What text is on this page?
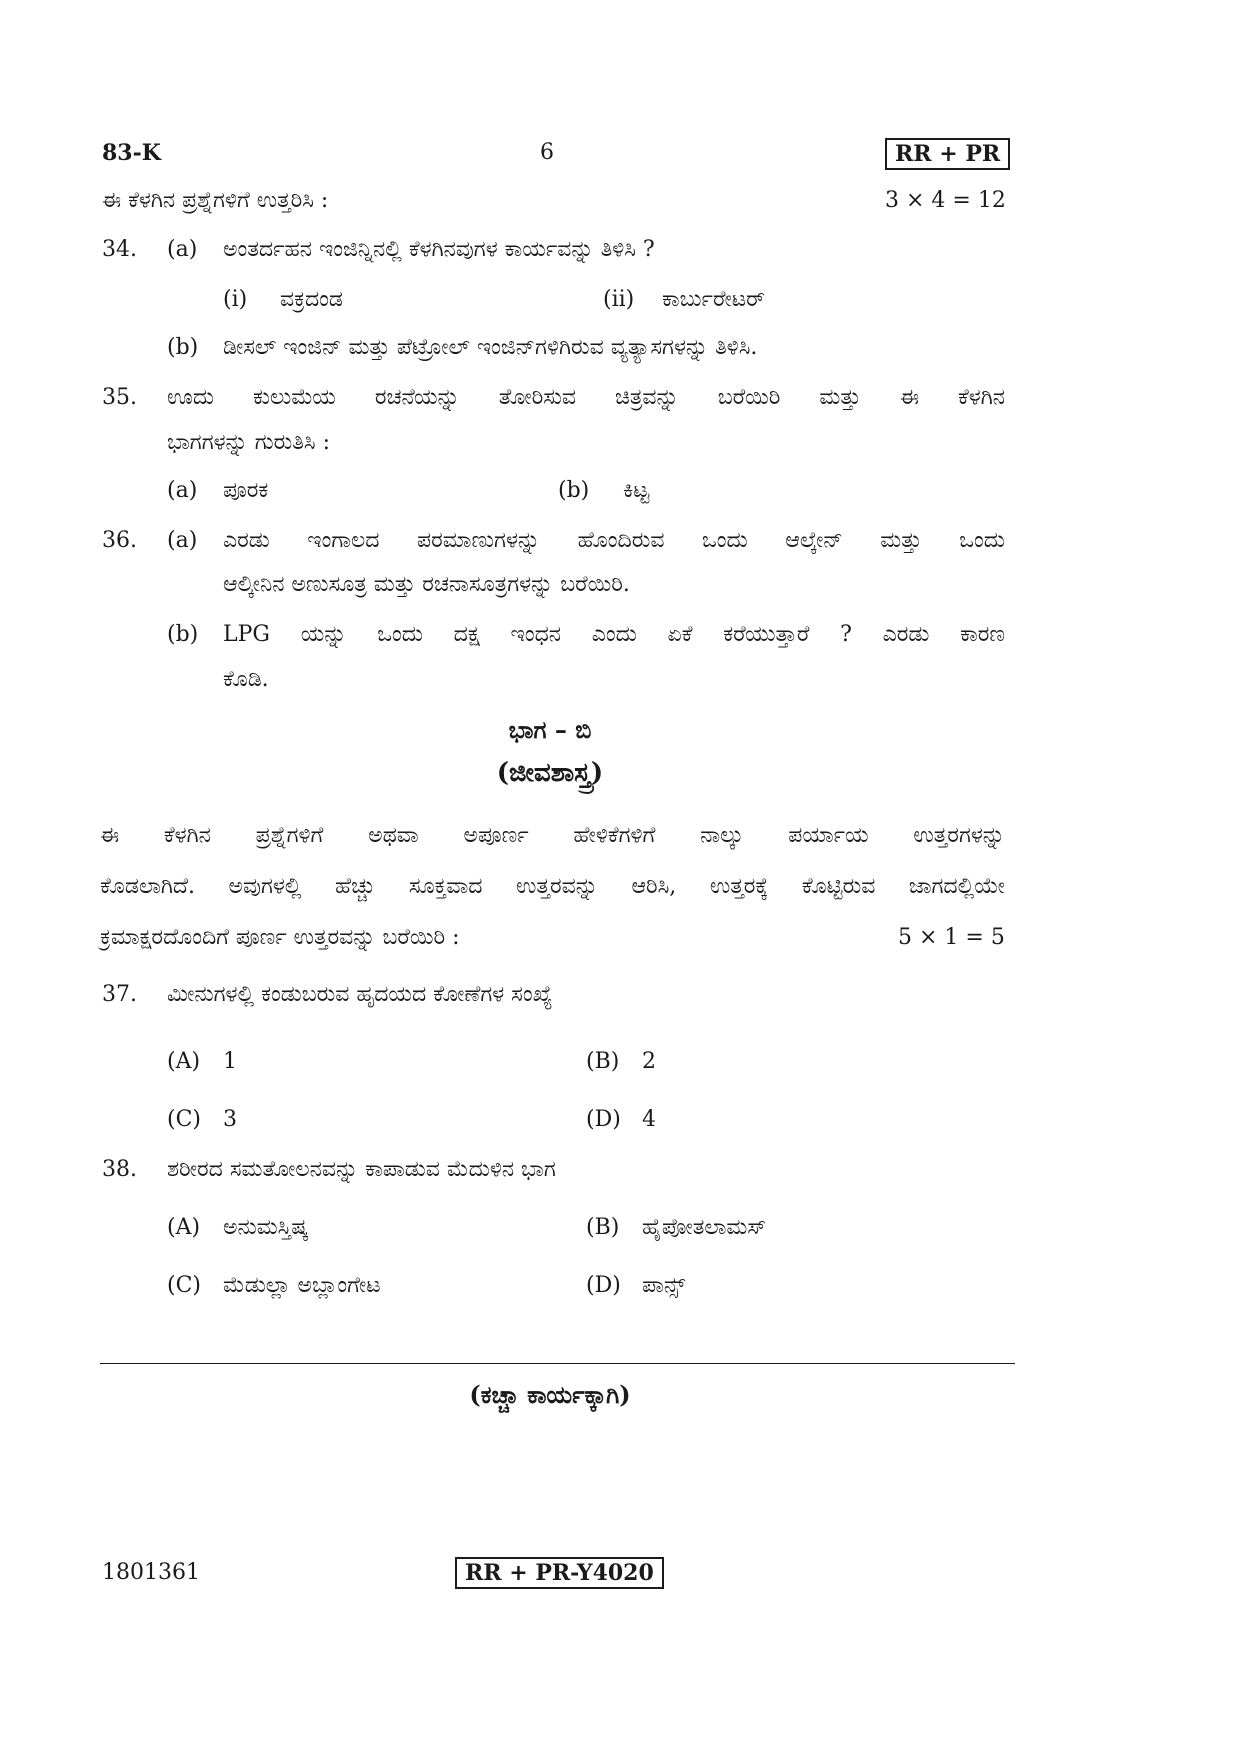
83-K	6	RR + PR
ಈ ಕೆಳಗಿನ ಪ್ರಶ್ನೆಗಳಿಗೆ ಉತ್ತರಿಸಿ :	3 × 4 = 12
34. (a) ಅಂತರ್ದಹನ ಇಂಜಿನ್ನಿನಲ್ಲಿ ಕೆಳಗಿನವುಗಳ ಕಾರ್ಯವನ್ನು ತಿಳಿಸಿ ?
(i) ವಕ್ರದಂಡ	(ii) ಕಾರ್ಬುರೇಟರ್
(b) ಡೀಸಲ್ ಇಂಜಿನ್ ಮತ್ತು ಪೆಟ್ರೋಲ್ ಇಂಜಿನ್‌ಗಳಿಗಿರುವ ವ್ಯತ್ಯಾಸಗಳನ್ನು ತಿಳಿಸಿ.
35. ಊದು ಕುಲುಮೆಯ ರಚನೆಯನ್ನು ತೋರಿಸುವ ಚಿತ್ರವನ್ನು ಬರೆಯಿರಿ ಮತ್ತು ಈ ಕೆಳಗಿನ
ಭಾಗಗಳನ್ನು ಗುರುತಿಸಿ :
(a) ಪೂರಕ	(b) ಕಿಟ್ಟ
36. (a) ಎರಡು ಇಂಗಾಲದ ಪರಮಾಣುಗಳನ್ನು ಹೊಂದಿರುವ ಒಂದು ಆಲ್ಕೇನ್ ಮತ್ತು ಒಂದು
ಆಲ್ಕೀನಿನ ಅಣುಸೂತ್ರ ಮತ್ತು ರಚನಾಸೂತ್ರಗಳನ್ನು ಬರೆಯಿರಿ.
(b) LPG ಯನ್ನು ಒಂದು ದಕ್ಷ ಇಂಧನ ಎಂದು ಏಕೆ ಕರೆಯುತ್ತಾರೆ ? ಎರಡು ಕಾರಣ
ಕೊಡಿ.
ಭಾಗ – ಬಿ
(ಜೀವಶಾಸ್ತ್ರ)
ಈ ಕೆಳಗಿನ ಪ್ರಶ್ನೆಗಳಿಗೆ ಅಥವಾ ಅಪೂರ್ಣ ಹೇಳಿಕೆಗಳಿಗೆ ನಾಲ್ಕು ಪರ್ಯಾಯ ಉತ್ತರಗಳನ್ನು
ಕೊಡಲಾಗಿದೆ. ಅವುಗಳಲ್ಲಿ ಹೆಚ್ಚು ಸೂಕ್ತವಾದ ಉತ್ತರವನ್ನು ಆರಿಸಿ, ಉತ್ತರಕ್ಕೆ ಕೊಟ್ಟಿರುವ ಜಾಗದಲ್ಲಿಯೇ
ಕ್ರಮಾಕ್ಷರದೊಂದಿಗೆ ಪೂರ್ಣ ಉತ್ತರವನ್ನು ಬರೆಯಿರಿ :	5 × 1 = 5
37. ಮೀನುಗಳಲ್ಲಿ ಕಂಡುಬರುವ ಹೃದಯದ ಕೋಣೆಗಳ ಸಂಖ್ಯೆ
(A) 1	(B) 2
(C) 3	(D) 4
38. ಶರೀರದ ಸಮತೋಲನವನ್ನು ಕಾಪಾಡುವ ಮೆದುಳಿನ ಭಾಗ
(A) ಅನುಮಸ್ತಿಷ್ಕ	(B) ಹೈಪೋತಲಾಮಸ್
(C) ಮೆಡುಲ್ಲಾ ಅಬ್ಲಾಂಗೇಟ	(D) ಪಾನ್ಸ್
(ಕಚ್ಚಾ ಕಾರ್ಯಕ್ಕಾಗಿ)
1801361	RR + PR-Y4020
